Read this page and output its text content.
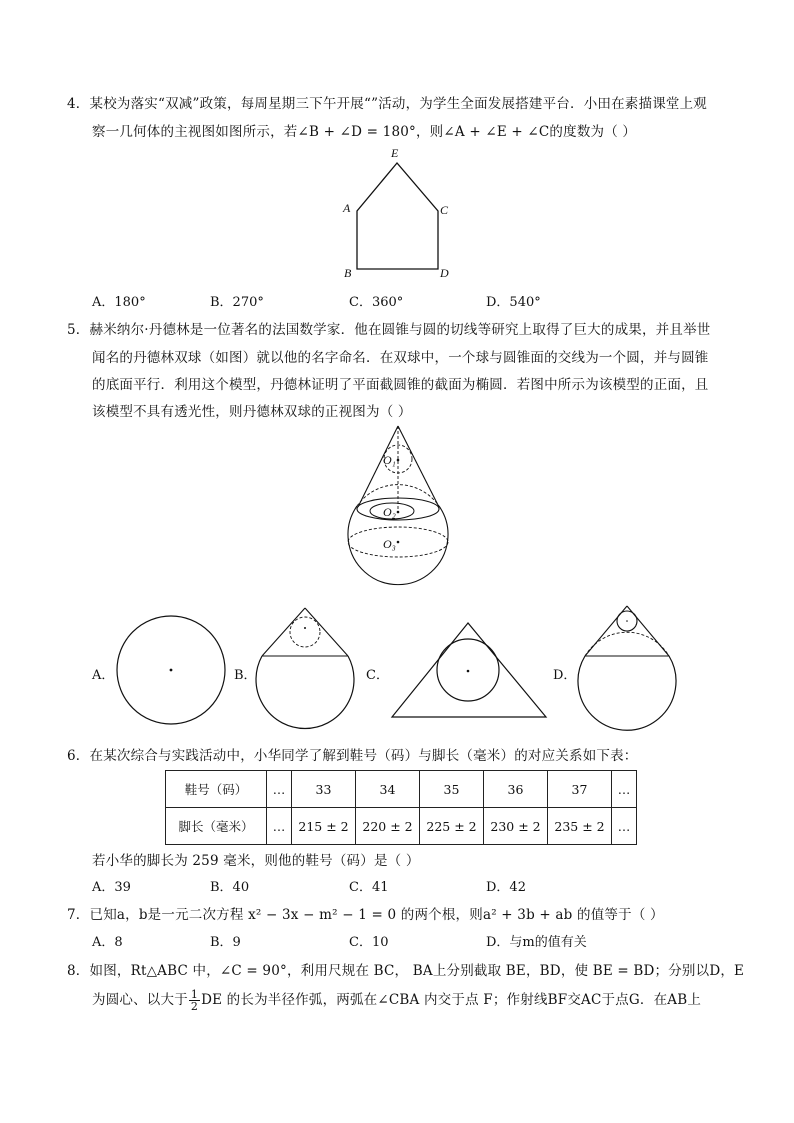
4．某校为落实“双减”政策，每周星期三下午开展“”活动，为学生全面发展搭建平台．小田在素描课堂上观
察一几何体的主视图如图所示，若∠B + ∠D = 180°，则∠A + ∠E + ∠C的度数为（ ）
E
A	C
B	D
A．180°	B．270°	C．360°	D．540°
5．赫米纳尔·丹德林是一位著名的法国数学家．他在圆锥与圆的切线等研究上取得了巨大的成果，并且举世
闻名的丹德林双球（如图）就以他的名字命名．在双球中，一个球与圆锥面的交线为一个圆，并与圆锥
的底面平行．利用这个模型，丹德林证明了平面截圆锥的截面为椭圆．若图中所示为该模型的正面，且
该模型不具有透光性，则丹德林双球的正视图为（ ）
O₁
O₂
O₃
A．	B．	C．	D．
6．在某次综合与实践活动中，小华同学了解到鞋号（码）与脚长（毫米）的对应关系如下表：
鞋号（码）	…	33	34	35	36	37	…
脚长（毫米）	…	215 ± 2	220 ± 2	225 ± 2	230 ± 2	235 ± 2	…
若小华的脚长为 259 毫米，则他的鞋号（码）是（ ）
A．39	B．40	C．41	D．42
7．已知a，b是一元二次方程 x² − 3x − m² − 1 = 0 的两个根，则a² + 3b + ab 的值等于（ ）
A．8	B．9	C．10	D．与m的值有关
8．如图，Rt△ABC 中，∠C = 90°，利用尺规在 BC， BA上分别截取 BE，BD，使 BE = BD；分别以D，E
为圆心、以大于 $\frac{1}{2}$ DE 的长为半径作弧，两弧在∠CBA 内交于点 F；作射线BF交AC于点G．在AB上
